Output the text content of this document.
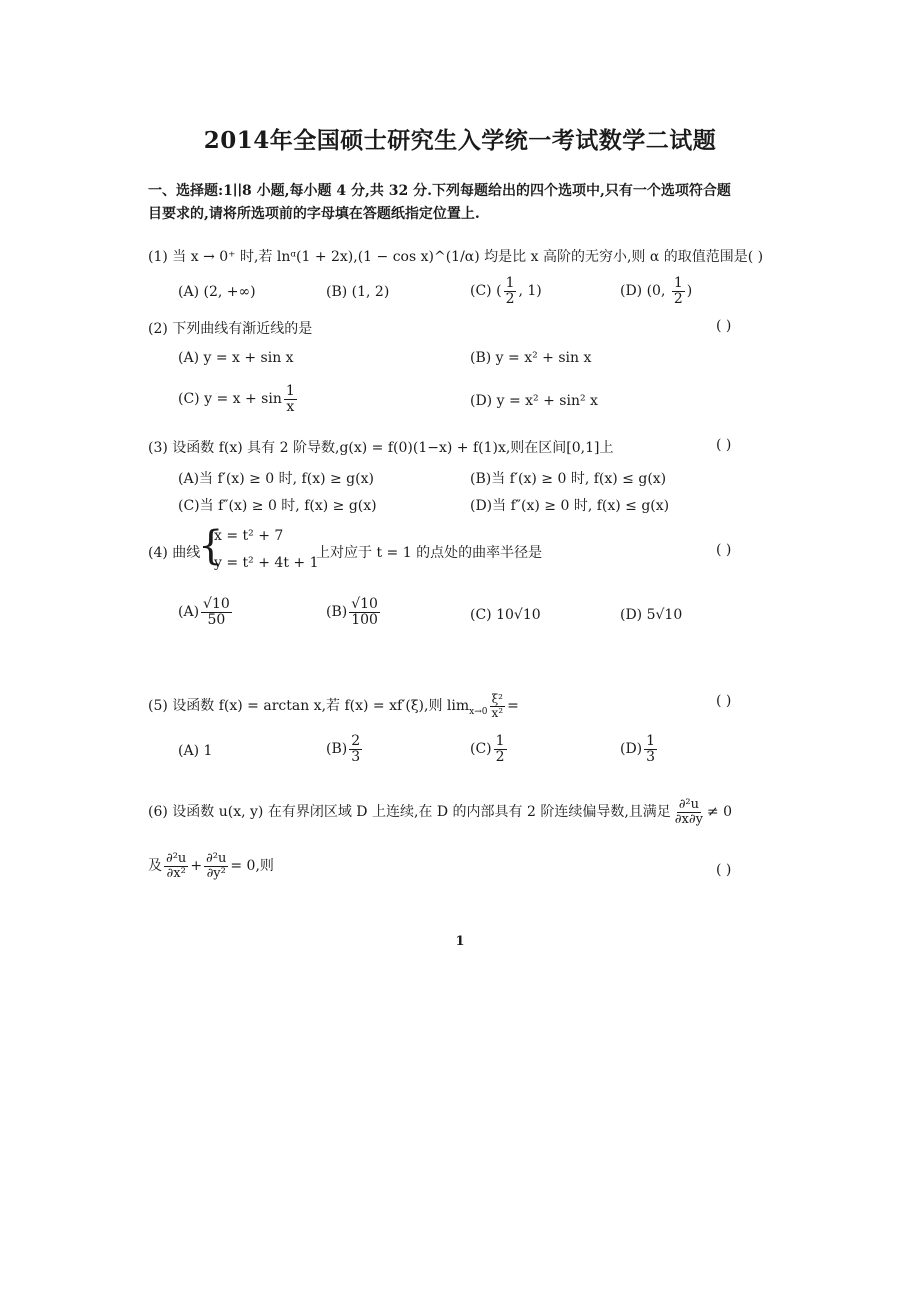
2014年全国硕士研究生入学统一考试数学二试题
一、选择题:1∣∣8 小题,每小题 4 分,共 32 分.下列每题给出的四个选项中,只有一个选项符合题
目要求的,请将所选项前的字母填在答题纸指定位置上.
(1) 当 x → 0⁺ 时,若 lnᵅ(1 + 2x),(1 − cos x)^(1/α) 均是比 x 高阶的无穷小,则 α 的取值范围是( )
(A) (2, +∞)	(B) (1, 2)	(C) ( $\frac{1}{2}$ , 1)	(D) (0, $\frac{1}{2}$ )
(2) 下列曲线有渐近线的是	( )
(A) y = x + sin x	(B) y = x² + sin x
(C) $y = x + \sin \frac{1}{x}$	(D) y = x² + sin² x
(3) 设函数 f(x) 具有 2 阶导数,g(x) = f(0)(1−x) + f(1)x,则在区间[0,1]上	( )
(A)当 f′(x) ≥ 0 时, f(x) ≥ g(x)	(B)当 f′(x) ≥ 0 时, f(x) ≤ g(x)
(C)当 f″(x) ≥ 0 时, f(x) ≥ g(x)	(D)当 f″(x) ≥ 0 时, f(x) ≤ g(x)
(4) 曲线
{
x = t² + 7
y = t² + 4t + 1
上对应于 t = 1 的点处的曲率半径是	( )
$(A) \frac{√10}{50}$	$(B) \frac{√10}{100}$	(C) 10√10	(D) 5√10
(5) 设函数 f(x) = arctan x,若 f(x) = xf′(ξ),则 $\lim_{x\to 0} \frac{\text{ξ²}}{\text{x²}}$ =	( )
(A) 1	$(B) \frac{2}{3}$	$(C) \frac{1}{2}$	$(D) \frac{1}{3}$
(6) 设函数 u(x, y) 在有界闭区域 D 上连续,在 D 的内部具有 2 阶连续偏导数,且满足 $\frac{\text{∂²u}}{\partial x\partial y} \ne 0$
及 $\frac{\text{∂²u}}{\text{∂x²}} + \frac{\text{∂²u}}{\text{∂y²}} = 0$,则	( )
1
